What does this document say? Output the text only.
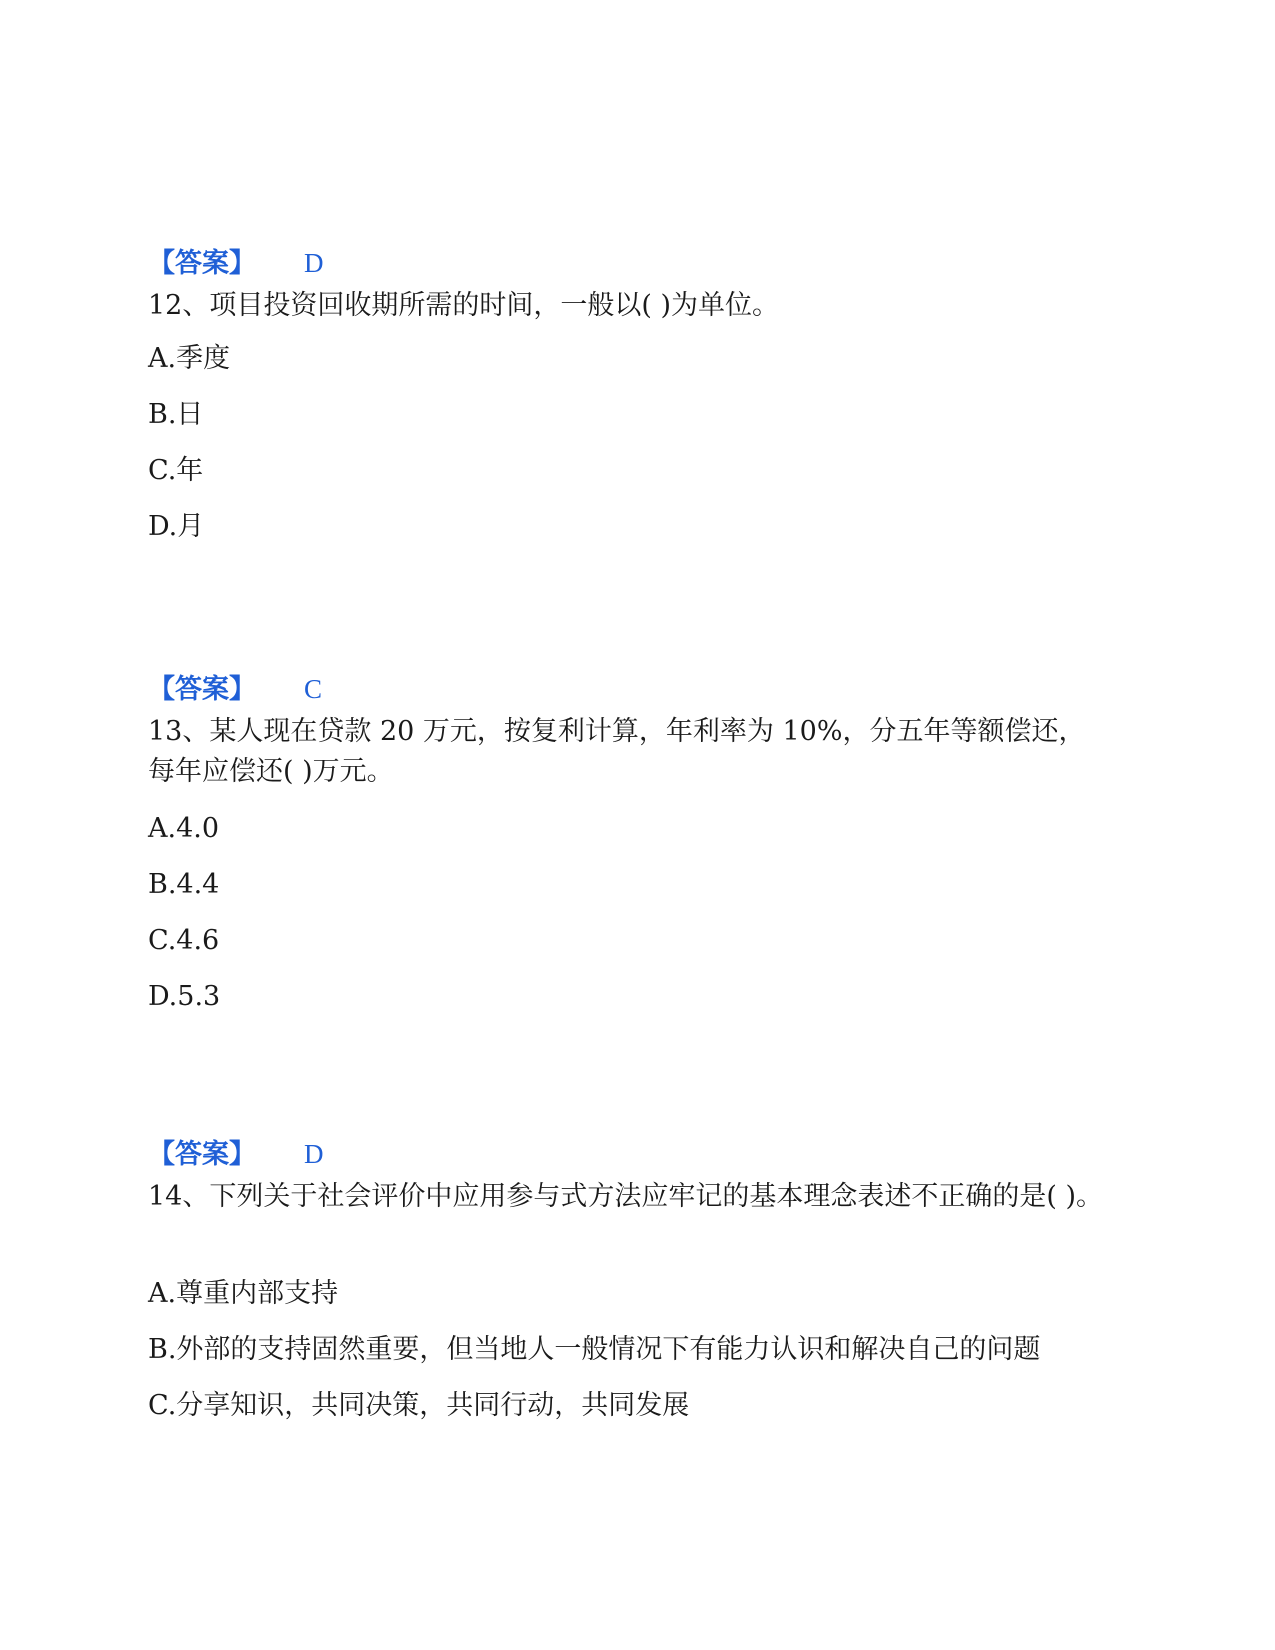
【答案】 D
12、项目投资回收期所需的时间，一般以( )为单位。
A.季度
B.日
C.年
D.月
【答案】 C
13、某人现在贷款 20 万元，按复利计算，年利率为 10%，分五年等额偿还，每年应偿还( )万元。
A.4.0
B.4.4
C.4.6
D.5.3
【答案】 D
14、下列关于社会评价中应用参与式方法应牢记的基本理念表述不正确的是( )。
A.尊重内部支持
B.外部的支持固然重要，但当地人一般情况下有能力认识和解决自己的问题
C.分享知识，共同决策，共同行动，共同发展
